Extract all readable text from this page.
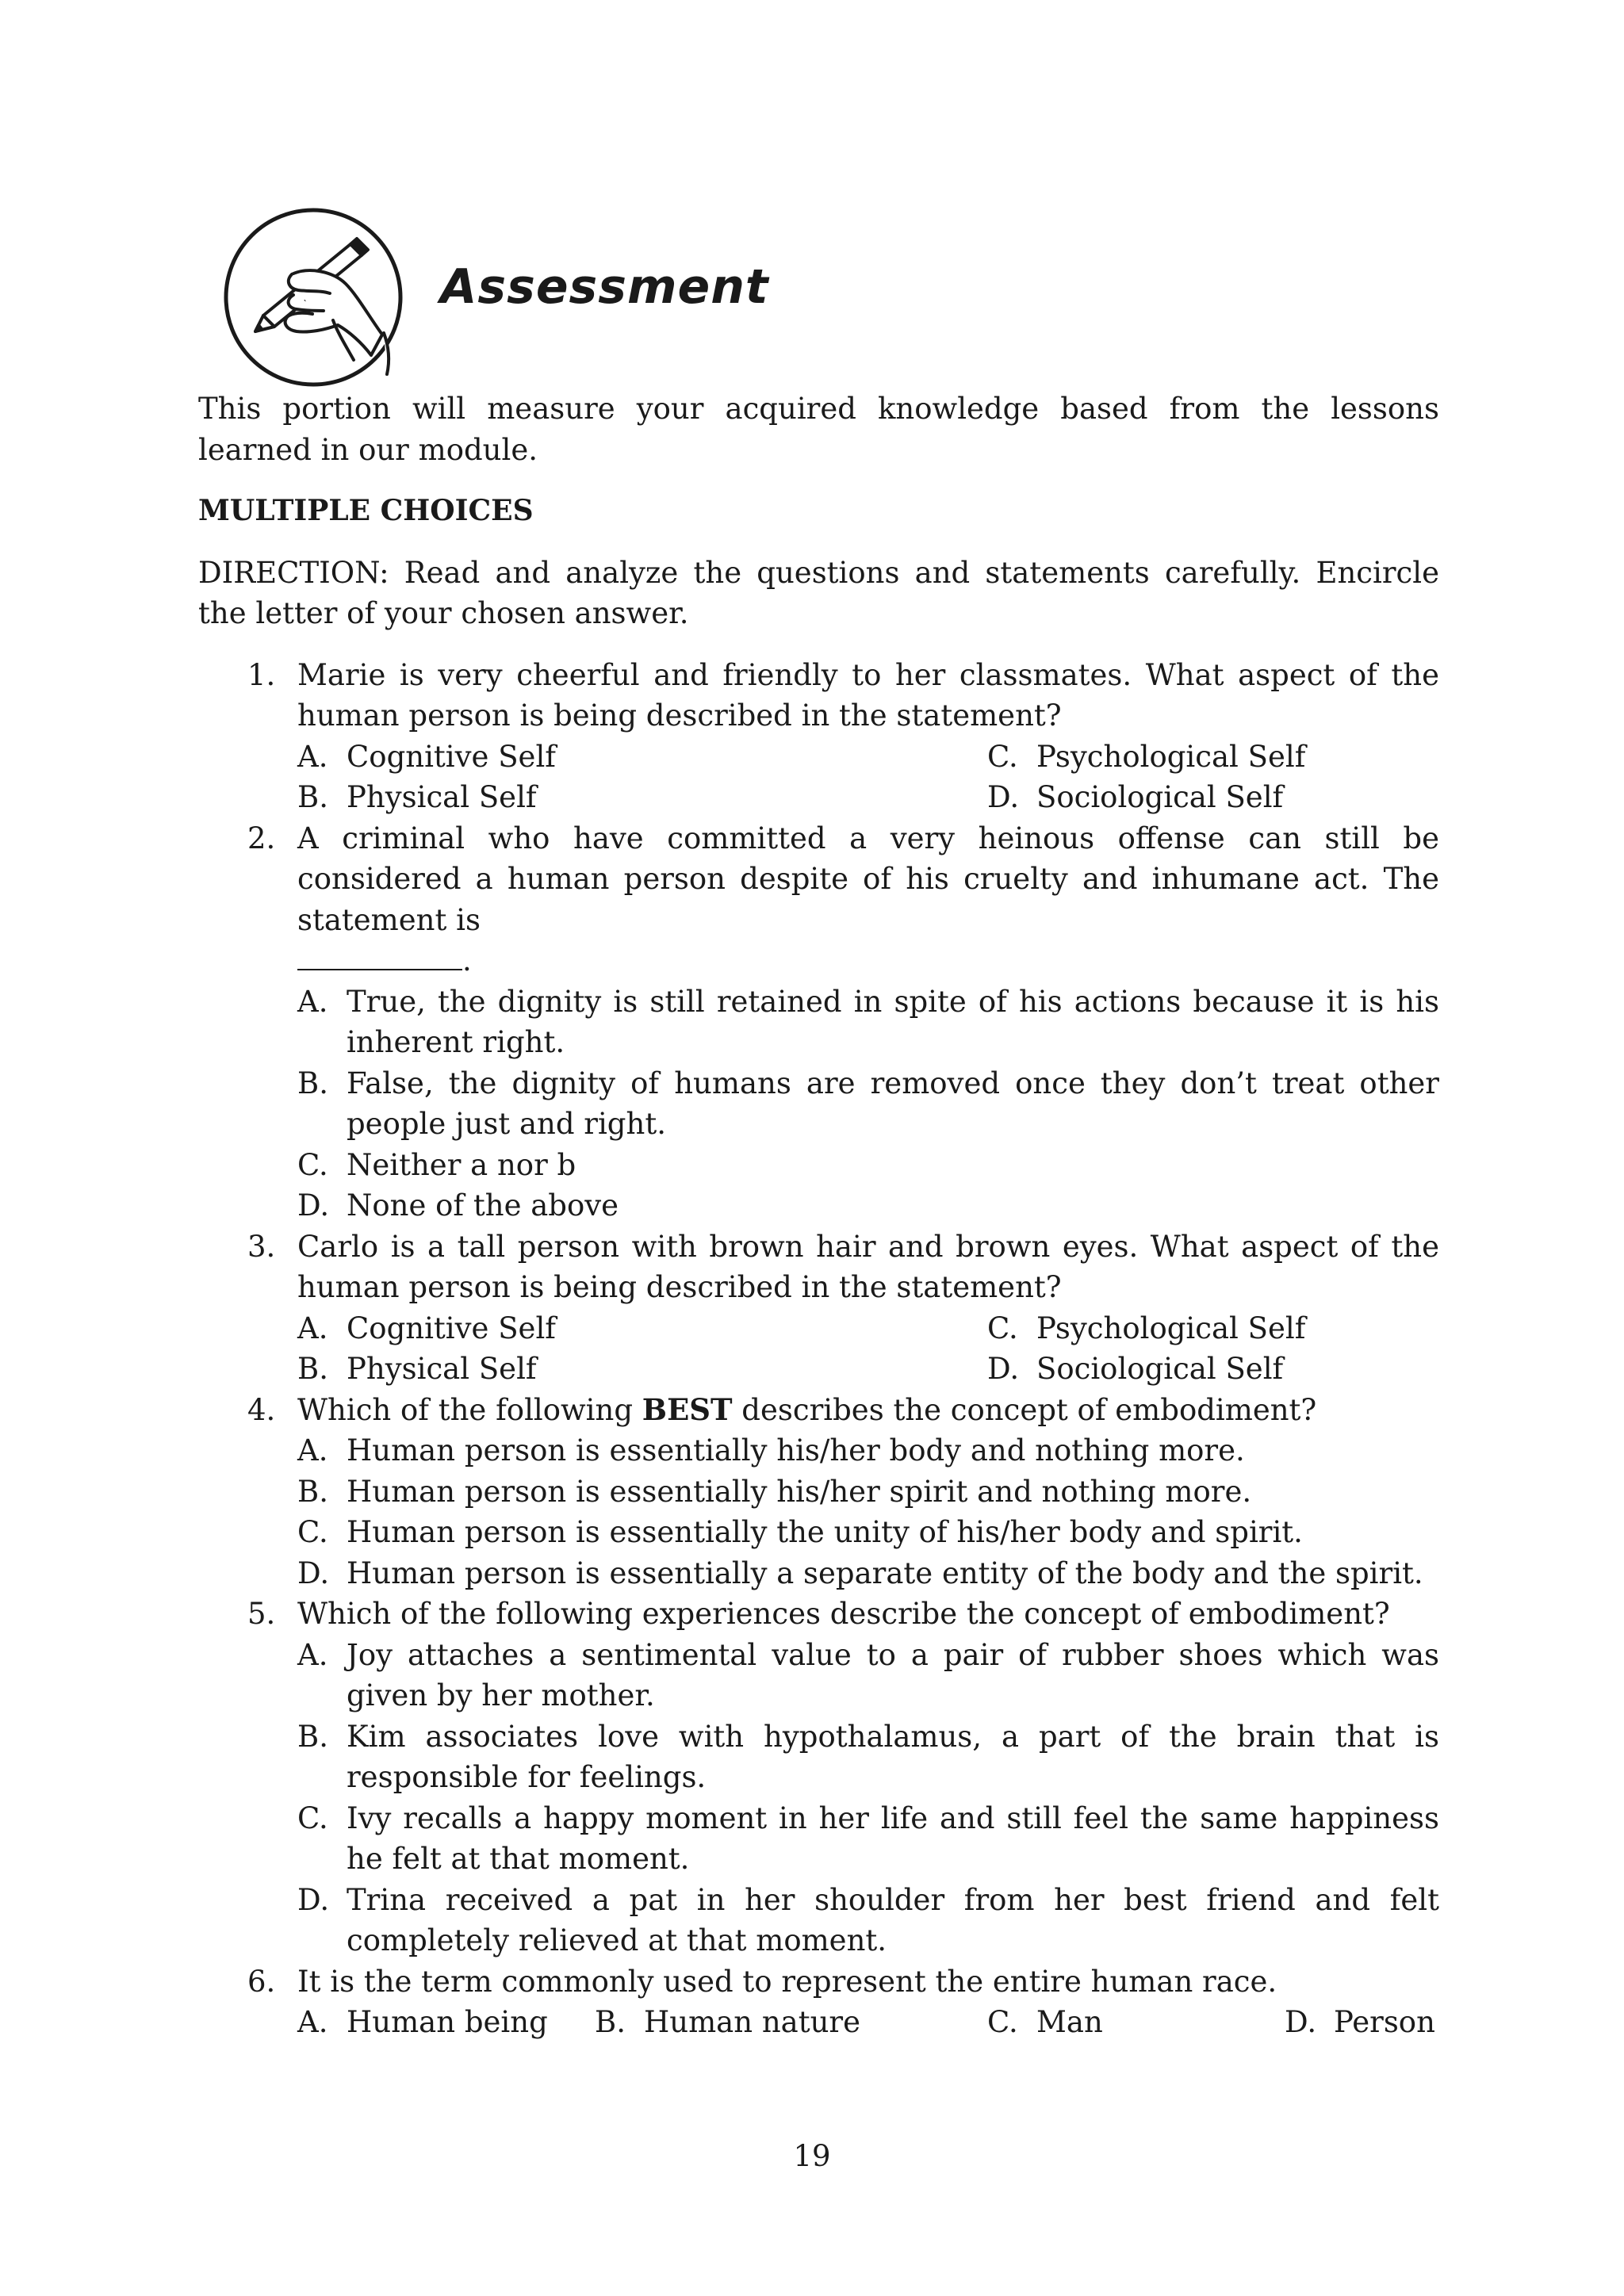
Assessment

This portion will measure your acquired knowledge based from the lessons learned in our module.

MULTIPLE CHOICES

DIRECTION: Read and analyze the questions and statements carefully. Encircle the letter of your chosen answer.

1. Marie is very cheerful and friendly to her classmates. What aspect of the human person is being described in the statement?
A. Cognitive Self	C. Psychological Self
B. Physical Self	D. Sociological Self
2. A criminal who have committed a very heinous offense can still be considered a human person despite of his cruelty and inhumane act. The statement is
.
A. True, the dignity is still retained in spite of his actions because it is his inherent right.
B. False, the dignity of humans are removed once they don’t treat other people just and right.
C. Neither a nor b
D. None of the above
3. Carlo is a tall person with brown hair and brown eyes. What aspect of the human person is being described in the statement?
A. Cognitive Self	C. Psychological Self
B. Physical Self	D. Sociological Self
4. Which of the following BEST describes the concept of embodiment?
A. Human person is essentially his/her body and nothing more.
B. Human person is essentially his/her spirit and nothing more.
C. Human person is essentially the unity of his/her body and spirit.
D. Human person is essentially a separate entity of the body and the spirit.
5. Which of the following experiences describe the concept of embodiment?
A. Joy attaches a sentimental value to a pair of rubber shoes which was given by her mother.
B. Kim associates love with hypothalamus, a part of the brain that is responsible for feelings.
C. Ivy recalls a happy moment in her life and still feel the same happiness he felt at that moment.
D. Trina received a pat in her shoulder from her best friend and felt completely relieved at that moment.
6. It is the term commonly used to represent the entire human race.
A. Human being B. Human nature	C. Man	D. Person
19
